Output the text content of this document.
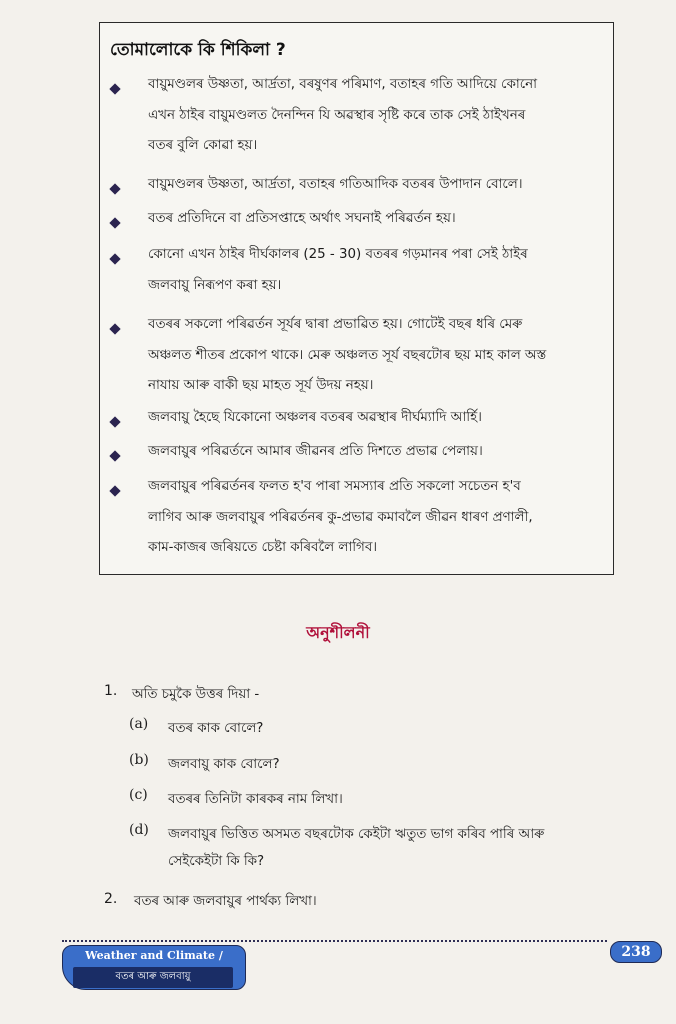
তোমালোকে কি শিকিলা ?
বায়ুমণ্ডলৰ উষ্ণতা, আৰ্দ্ৰতা, বৰষুণৰ পৰিমাণ, বতাহৰ গতি আদিয়ে কোনো
এখন ঠাইৰ বায়ুমণ্ডলত দৈনন্দিন যি অৱস্থাৰ সৃষ্টি কৰে তাক সেই ঠাইখনৰ
বতৰ বুলি কোৱা হয়।
বায়ুমণ্ডলৰ উষ্ণতা, আৰ্দ্ৰতা, বতাহৰ গতিআদিক বতৰৰ উপাদান বোলে।
বতৰ প্ৰতিদিনে বা প্ৰতিসপ্তাহে অৰ্থাৎ সঘনাই পৰিৱৰ্তন হয়।
কোনো এখন ঠাইৰ দীৰ্ঘকালৰ (25 - 30) বতৰৰ গড়মানৰ পৰা সেই ঠাইৰ
জলবায়ু নিৰূপণ কৰা হয়।
বতৰৰ সকলো পৰিৱৰ্তন সূৰ্যৰ দ্বাৰা প্ৰভাৱিত হয়। গোটেই বছৰ ধৰি মেৰু
অঞ্চলত শীতৰ প্ৰকোপ থাকে। মেৰু অঞ্চলত সূৰ্য বছৰটোৰ ছয় মাহ কাল অস্ত
নাযায় আৰু বাকী ছয় মাহত সূৰ্য উদয় নহয়।
জলবায়ু হৈছে যিকোনো অঞ্চলৰ বতৰৰ অৱস্থাৰ দীৰ্ঘম্যাদি আৰ্হি।
জলবায়ুৰ পৰিৱৰ্তনে আমাৰ জীৱনৰ প্ৰতি দিশতে প্ৰভাৱ পেলায়।
জলবায়ুৰ পৰিৱৰ্তনৰ ফলত হ'ব পাৰা সমস্যাৰ প্ৰতি সকলো সচেতন হ'ব
লাগিব আৰু জলবায়ুৰ পৰিৱৰ্তনৰ কু-প্ৰভাৱ কমাবলৈ জীৱন ধাৰণ প্ৰণালী,
কাম-কাজৰ জৰিয়তে চেষ্টা কৰিবলৈ লাগিব।
অনুশীলনী
1. অতি চমুকৈ উত্তৰ দিয়া -
(a) বতৰ কাক বোলে?
(b) জলবায়ু কাক বোলে?
(c) বতৰৰ তিনিটা কাৰকৰ নাম লিখা।
(d) জলবায়ুৰ ভিত্তিত অসমত বছৰটোক কেইটা ঋতুত ভাগ কৰিব পাৰি আৰু
সেইকেইটা কি কি?
2. বতৰ আৰু জলবায়ুৰ পাৰ্থক্য লিখা।
Weather and Climate /
বতৰ আৰু জলবায়ু
238
